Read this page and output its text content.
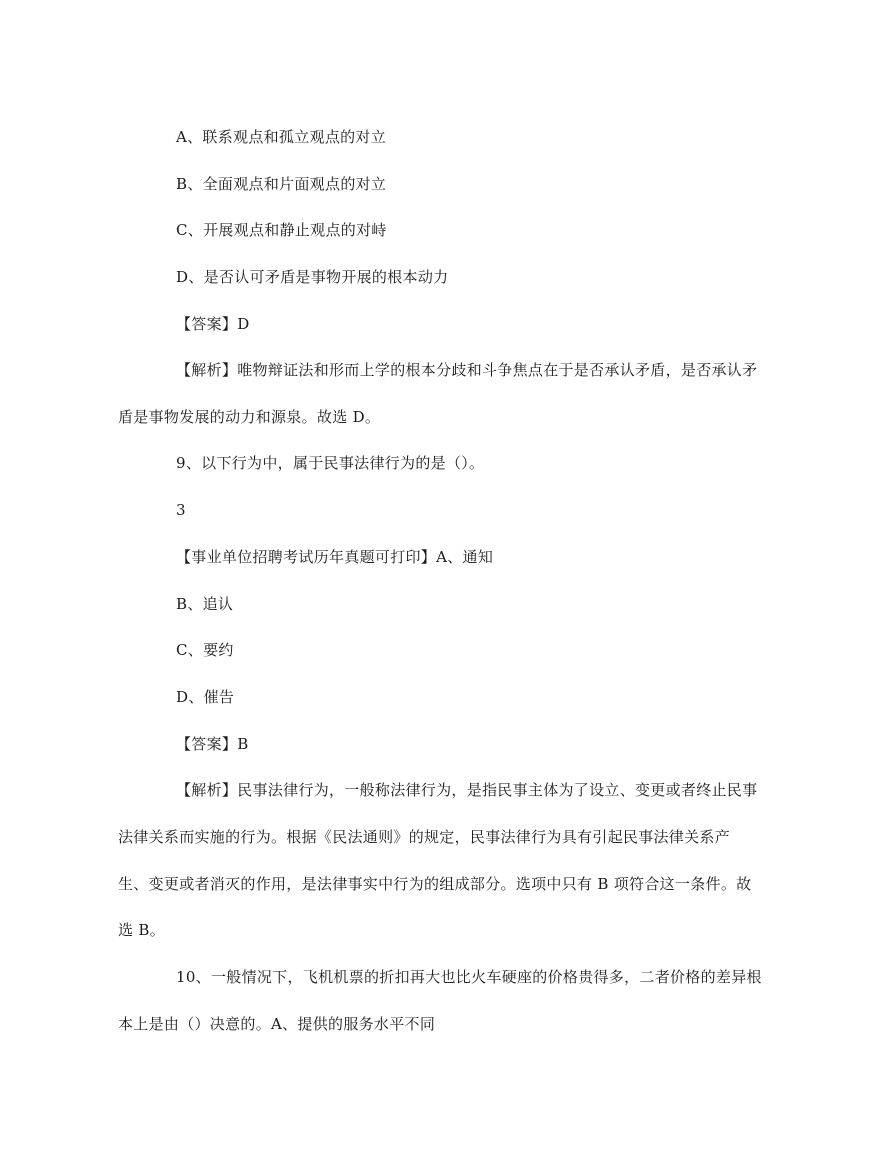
A、联系观点和孤立观点的对立
B、全面观点和片面观点的对立
C、开展观点和静止观点的对峙
D、是否认可矛盾是事物开展的根本动力
【答案】D
【解析】唯物辩证法和形而上学的根本分歧和斗争焦点在于是否承认矛盾，是否承认矛
盾是事物发展的动力和源泉。故选 D。
9、以下行为中，属于民事法律行为的是（）。
3
【事业单位招聘考试历年真题可打印】A、通知
B、追认
C、要约
D、催告
【答案】B
【解析】民事法律行为，一般称法律行为，是指民事主体为了设立、变更或者终止民事
法律关系而实施的行为。根据《民法通则》的规定，民事法律行为具有引起民事法律关系产
生、变更或者消灭的作用，是法律事实中行为的组成部分。选项中只有 B 项符合这一条件。故
选 B。
10、一般情况下，飞机机票的折扣再大也比火车硬座的价格贵得多，二者价格的差异根
本上是由（）决意的。A、提供的服务水平不同
